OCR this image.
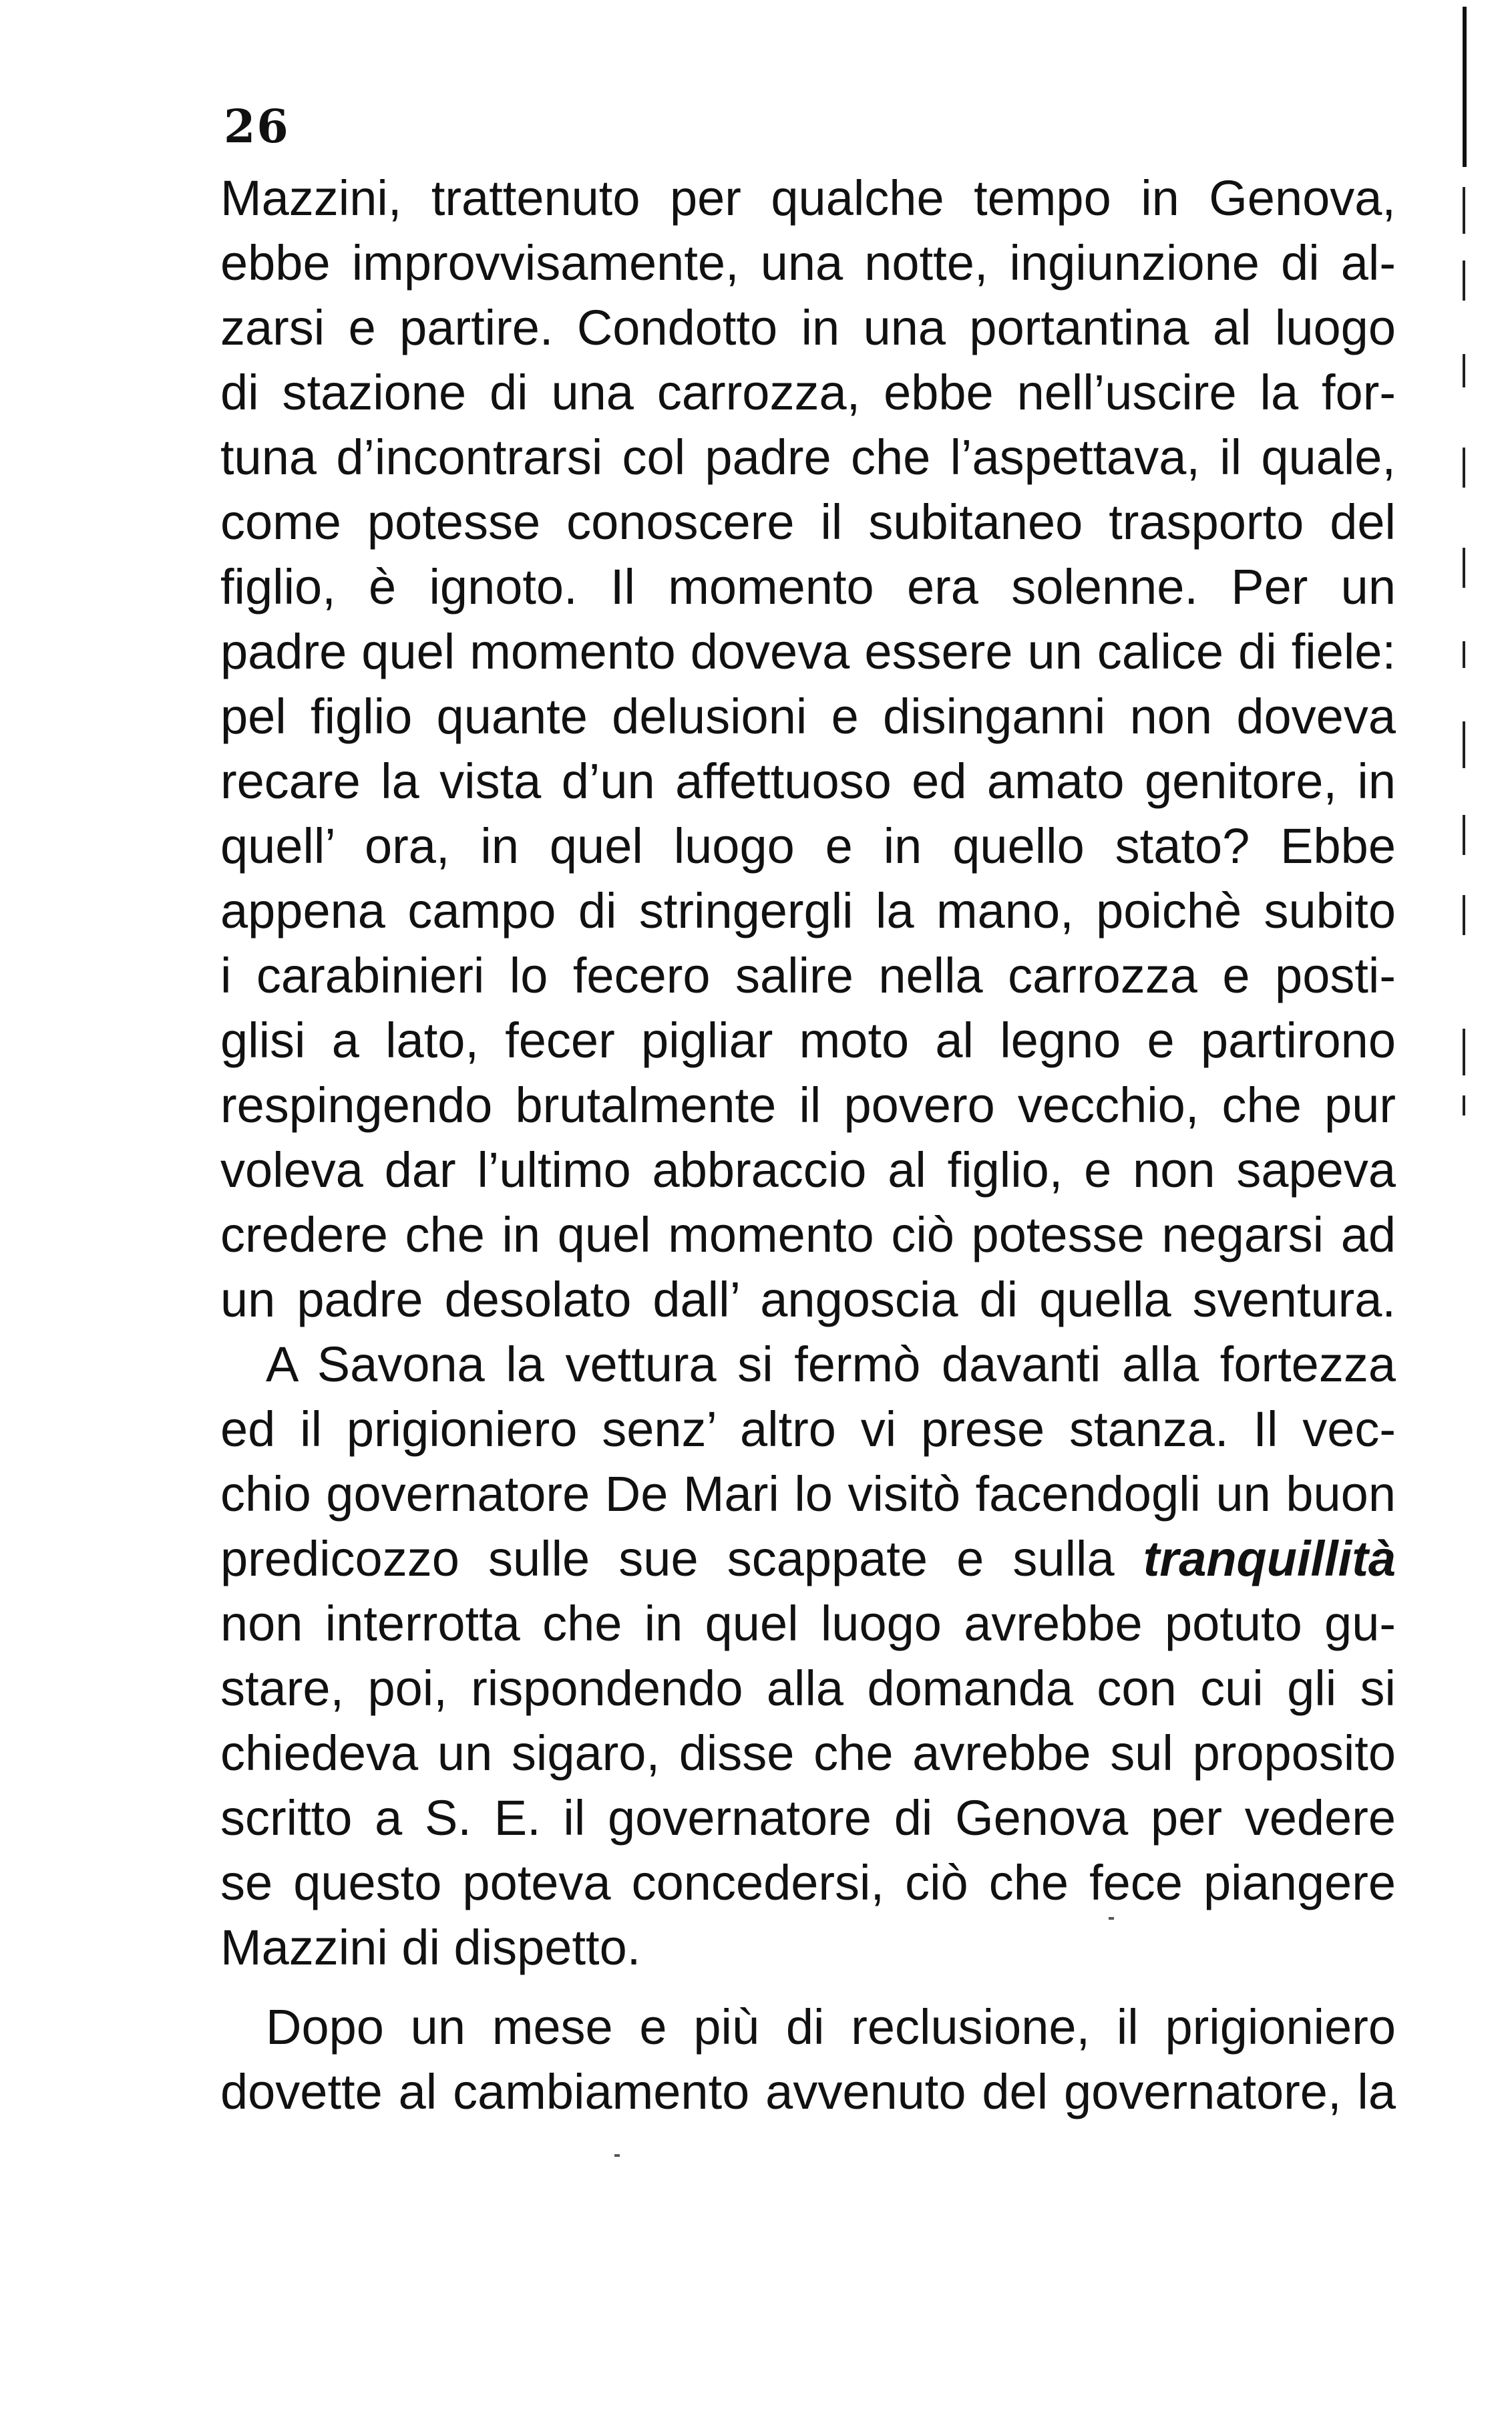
26
Mazzini, trattenuto per qualche tempo in Genova,
ebbe improvvisamente, una notte, ingiunzione di al-
zarsi e partire. Condotto in una portantina al luogo
di stazione di una carrozza, ebbe nell’uscire la for-
tuna d’incontrarsi col padre che l’aspettava, il quale,
come potesse conoscere il subitaneo trasporto del
figlio, è ignoto. Il momento era solenne. Per un
padre quel momento doveva essere un calice di fiele:
pel figlio quante delusioni e disinganni non doveva
recare la vista d’un affettuoso ed amato genitore, in
quell’ ora, in quel luogo e in quello stato? Ebbe
appena campo di stringergli la mano, poichè subito
i carabinieri lo fecero salire nella carrozza e posti-
glisi a lato, fecer pigliar moto al legno e partirono
respingendo brutalmente il povero vecchio, che pur
voleva dar l’ultimo abbraccio al figlio, e non sapeva
credere che in quel momento ciò potesse negarsi ad
un padre desolato dall’ angoscia di quella sventura.
A Savona la vettura si fermò davanti alla fortezza
ed il prigioniero senz’ altro vi prese stanza. Il vec-
chio governatore De Mari lo visitò facendogli un buon
predicozzo sulle sue scappate e sulla tranquillità
non interrotta che in quel luogo avrebbe potuto gu-
stare, poi, rispondendo alla domanda con cui gli si
chiedeva un sigaro, disse che avrebbe sul proposito
scritto a S. E. il governatore di Genova per vedere
se questo poteva concedersi, ciò che fece piangere
Mazzini di dispetto.
Dopo un mese e più di reclusione, il prigioniero
dovette al cambiamento avvenuto del governatore, la
